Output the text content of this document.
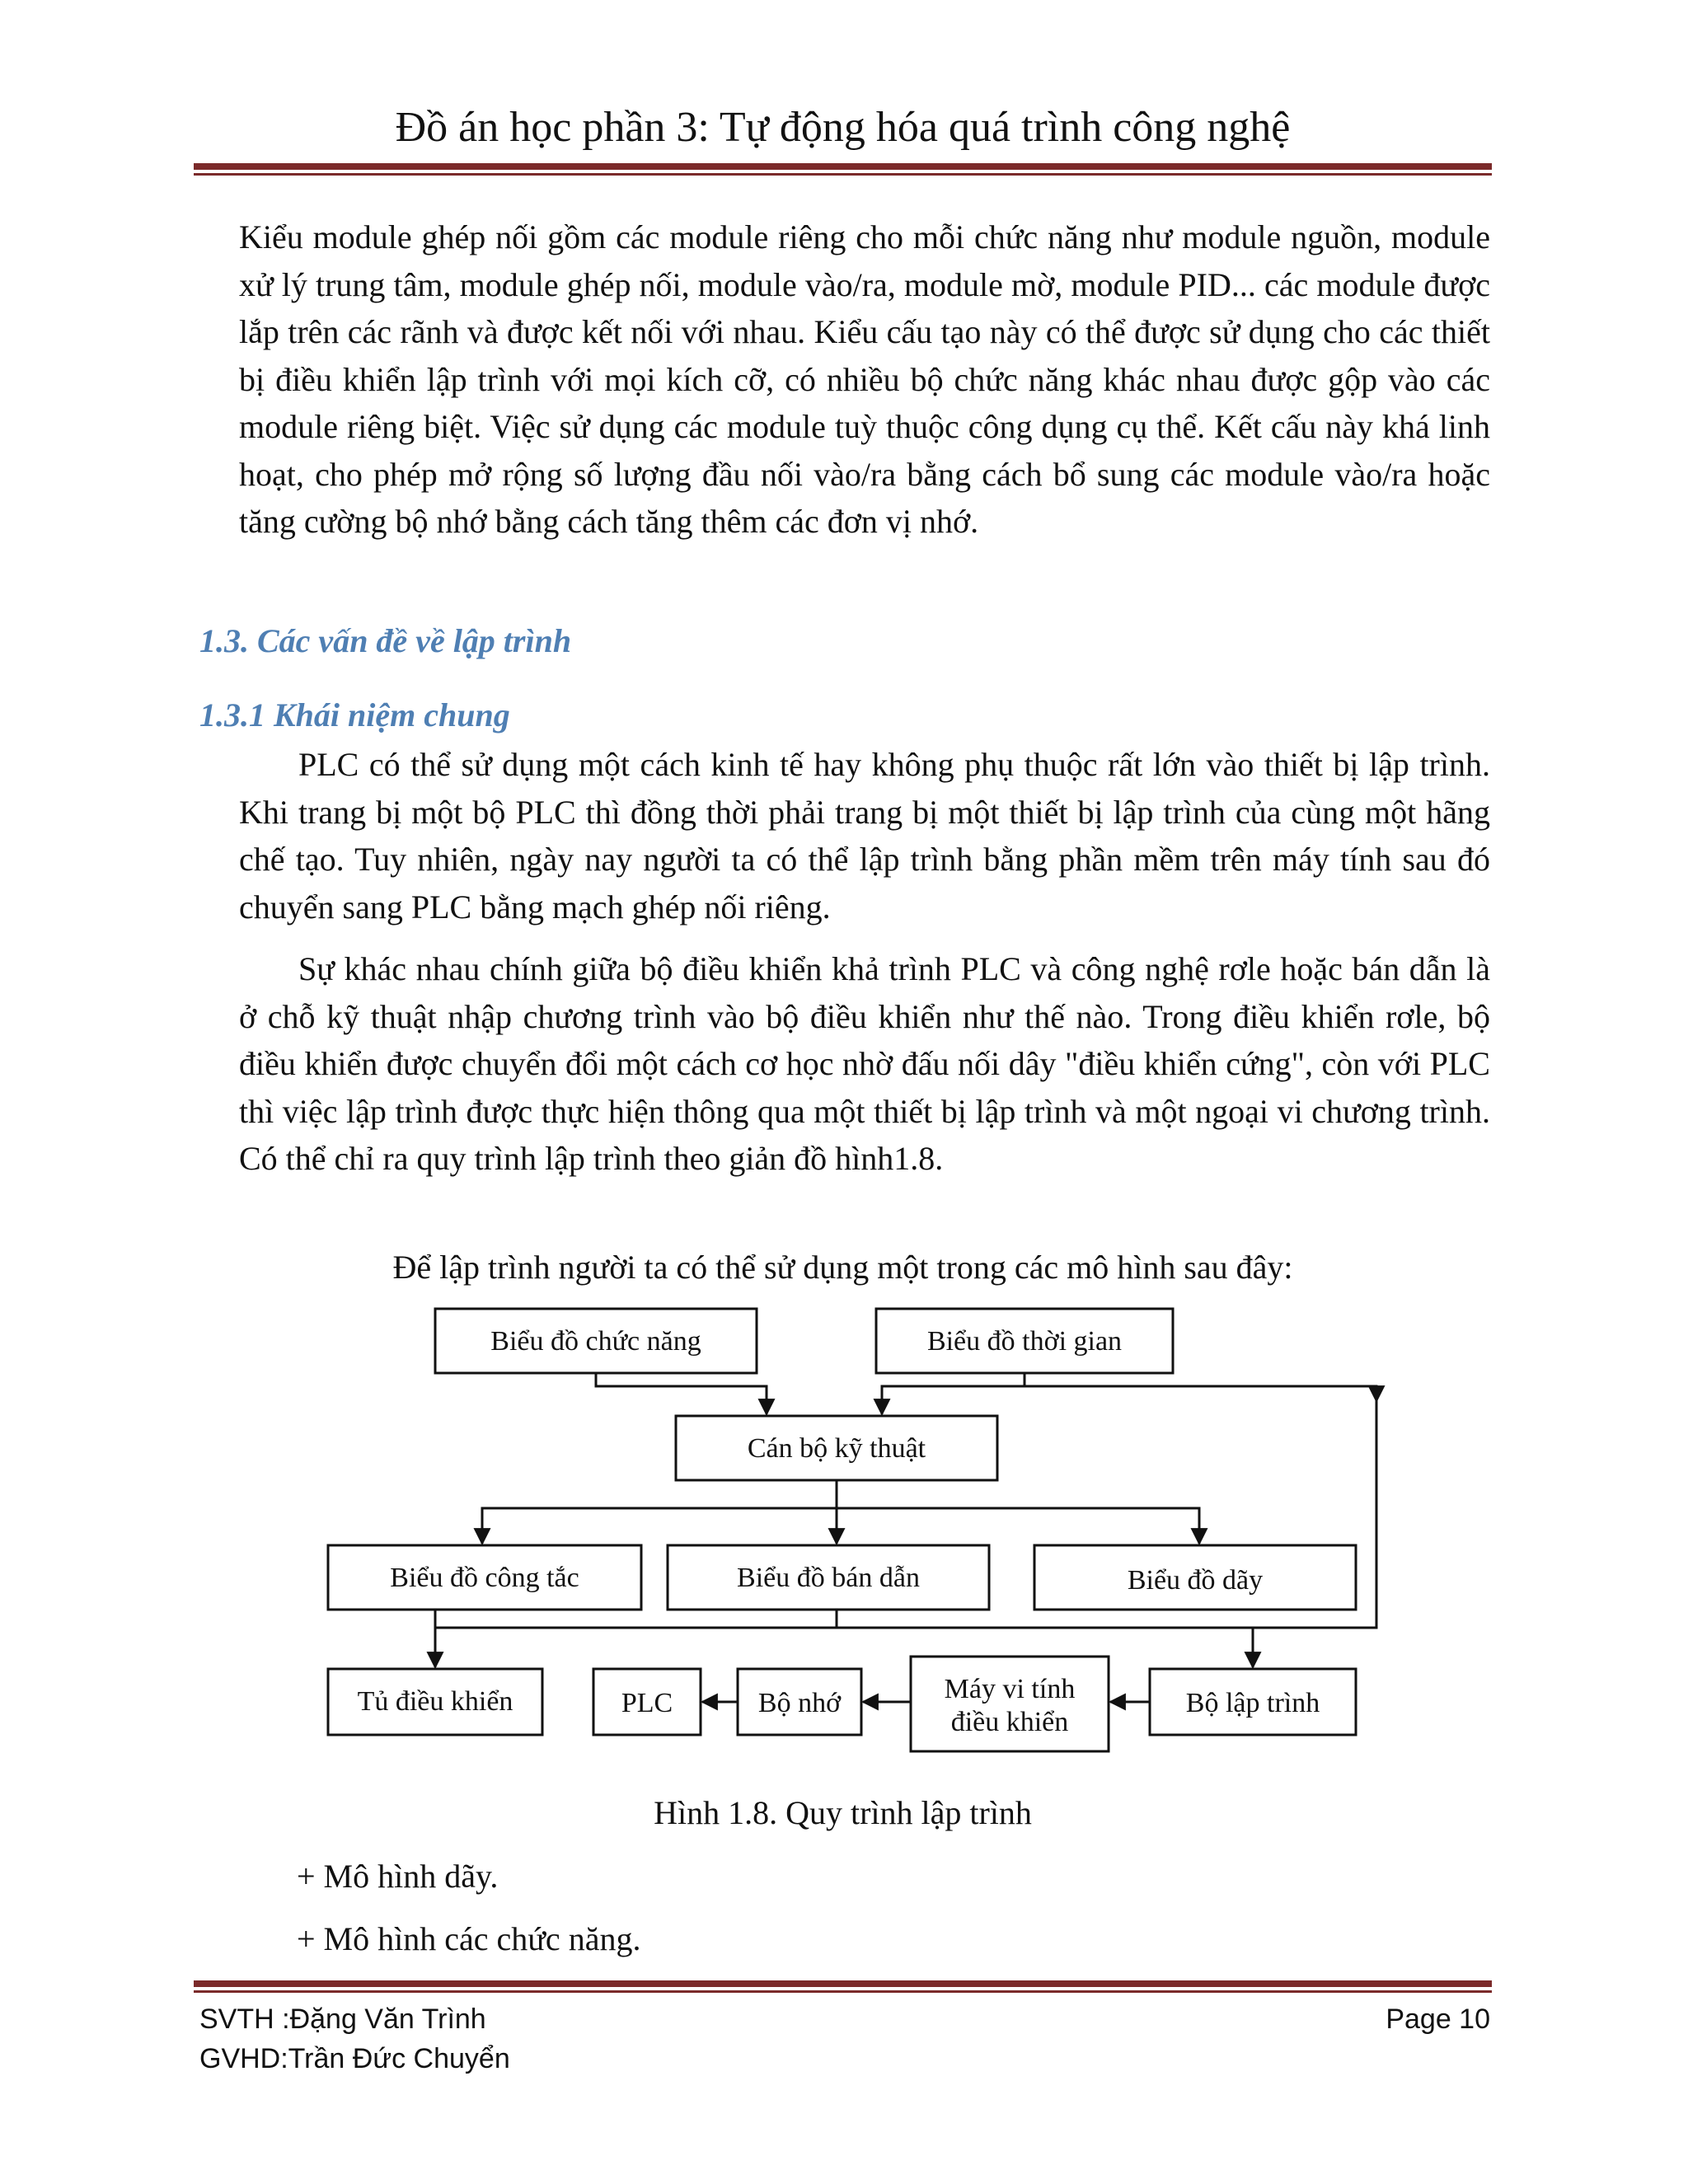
Đồ án học phần 3: Tự động hóa quá trình công nghệ

Kiểu module ghép nối gồm các module riêng cho mỗi chức năng như module nguồn, module xử lý trung tâm, module ghép nối, module vào/ra, module mờ, module PID... các module được lắp trên các rãnh và được kết nối với nhau. Kiểu cấu tạo này có thể được sử dụng cho các thiết bị điều khiển lập trình với mọi kích cỡ, có nhiều bộ chức năng khác nhau được gộp vào các module riêng biệt. Việc sử dụng các module tuỳ thuộc công dụng cụ thể. Kết cấu này khá linh hoạt, cho phép mở rộng số lượng đầu nối vào/ra bằng cách bổ sung các module vào/ra hoặc tăng cường bộ nhớ bằng cách tăng thêm các đơn vị nhớ.

1.3. Các vấn đề về lập trình

1.3.1 Khái niệm chung

PLC có thể sử dụng một cách kinh tế hay không phụ thuộc rất lớn vào thiết bị lập trình. Khi trang bị một bộ PLC thì đồng thời phải trang bị một thiết bị lập trình của cùng một hãng chế tạo. Tuy nhiên, ngày nay người ta có thể lập trình bằng phần mềm trên máy tính sau đó chuyển sang PLC bằng mạch ghép nối riêng.

Sự khác nhau chính giữa bộ điều khiển khả trình PLC và công nghệ rơle hoặc bán dẫn là ở chỗ kỹ thuật nhập chương trình vào bộ điều khiển như thế nào. Trong điều khiển rơle, bộ điều khiển được chuyển đổi một cách cơ học nhờ đấu nối dây "điều khiển cứng", còn với PLC thì việc lập trình được thực hiện thông qua một thiết bị lập trình và một ngoại vi chương trình. Có thể chỉ ra quy trình lập trình theo giản đồ hình1.8.

Để lập trình người ta có thể sử dụng một trong các mô hình sau đây:

Biểu đồ chức năng	Biểu đồ thời gian
Cán bộ kỹ thuật
Biểu đồ công tắc	Biểu đồ bán dẫn	Biểu đồ dãy
Tủ điều khiển	PLC	Bộ nhớ	Máy vi tính
điều khiển
Bộ lập trình

Hình 1.8. Quy trình lập trình

+ Mô hình dãy.

+ Mô hình các chức năng.

SVTH :Đặng Văn Trình
GVHD:Trần Đức Chuyển
Page 10
